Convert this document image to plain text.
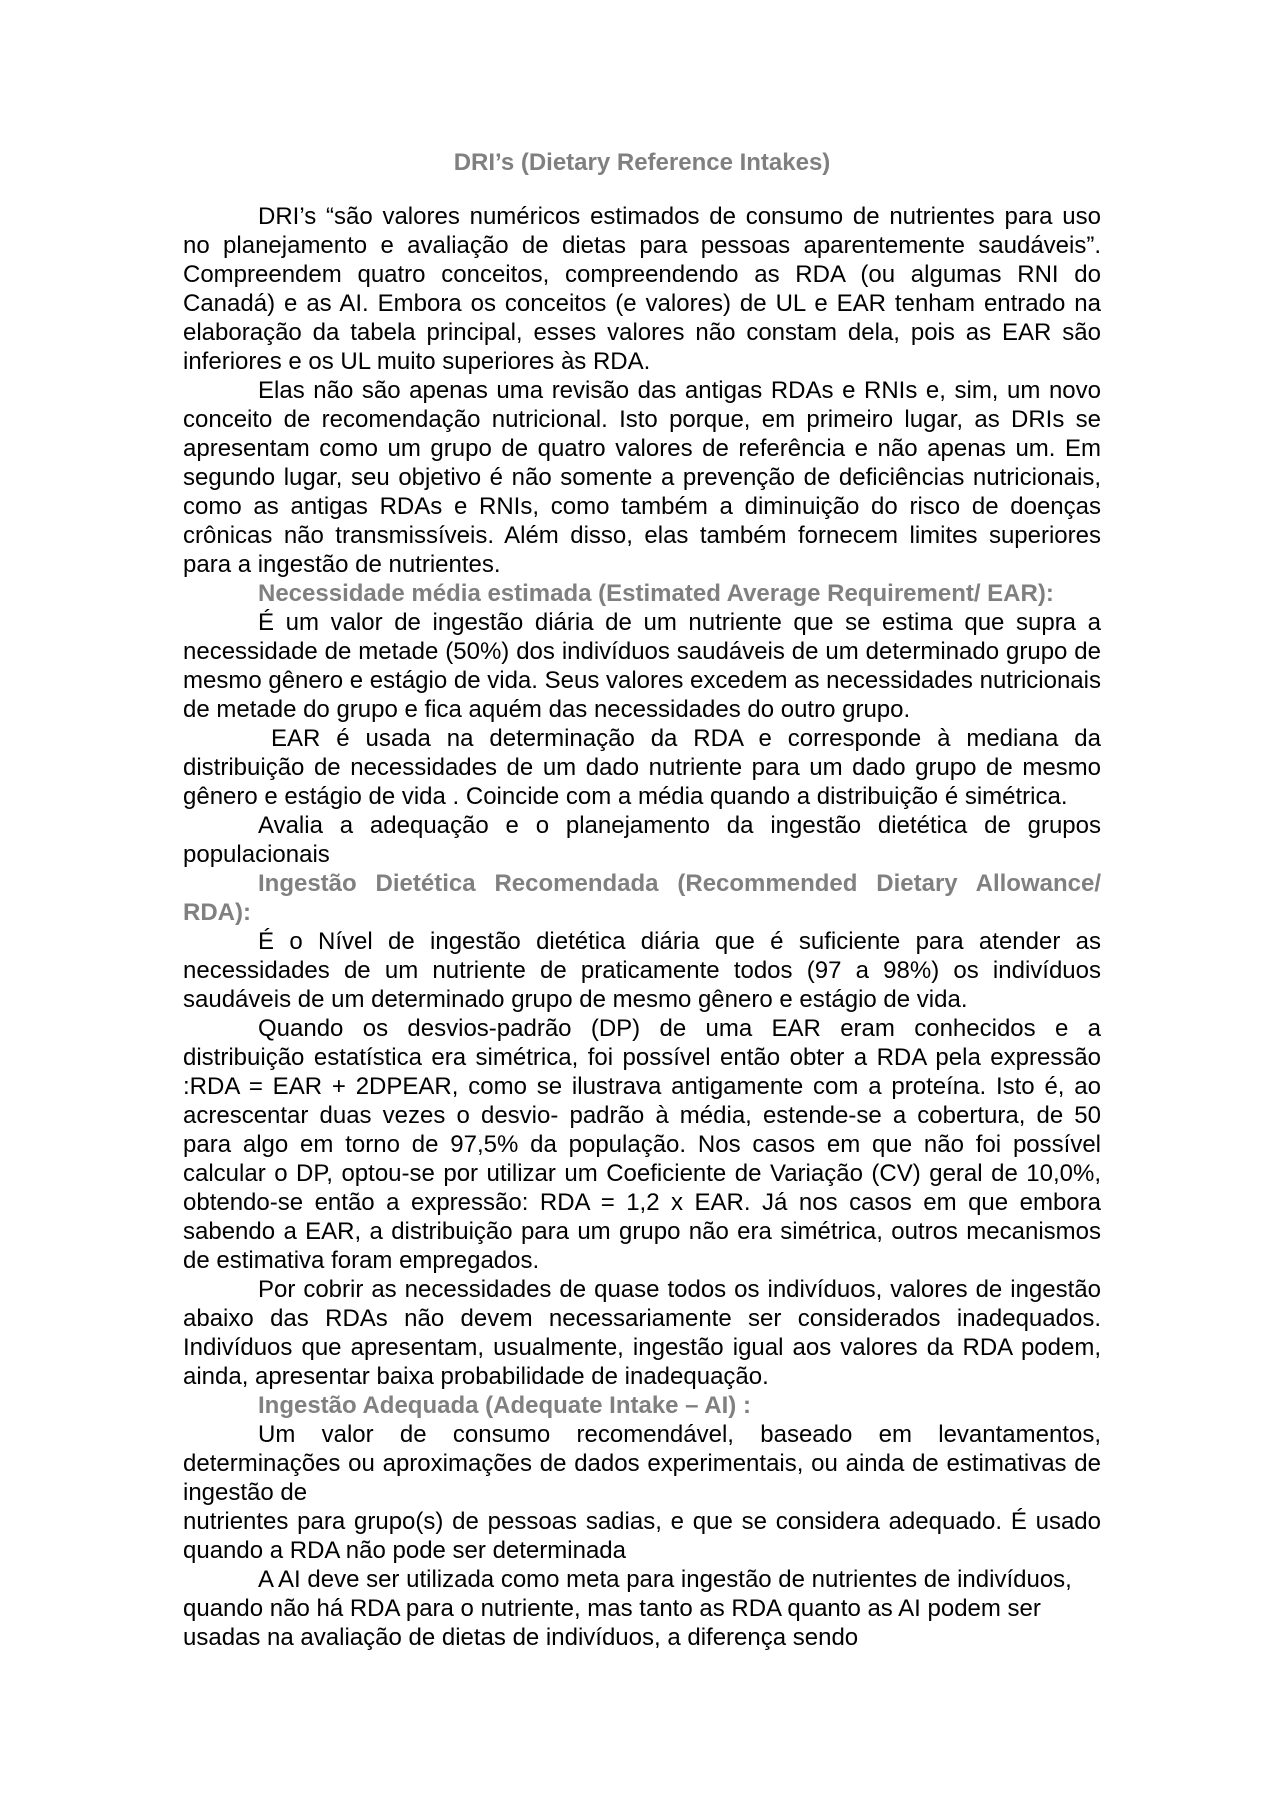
DRI’s (Dietary Reference Intakes)

DRI’s “são valores numéricos estimados de consumo de nutrientes para uso no planejamento e avaliação de dietas para pessoas aparentemente saudáveis”. Compreendem quatro conceitos, compreendendo as RDA (ou algumas RNI do Canadá) e as AI. Embora os conceitos (e valores) de UL e EAR tenham entrado na elaboração da tabela principal, esses valores não constam dela, pois as EAR são inferiores e os UL muito superiores às RDA.

Elas não são apenas uma revisão das antigas RDAs e RNIs e, sim, um novo conceito de recomendação nutricional. Isto porque, em primeiro lugar, as DRIs se apresentam como um grupo de quatro valores de referência e não apenas um. Em segundo lugar, seu objetivo é não somente a prevenção de deficiências nutricionais, como as antigas RDAs e RNIs, como também a diminuição do risco de doenças crônicas não transmissíveis. Além disso, elas também fornecem limites superiores para a ingestão de nutrientes.

Necessidade média estimada (Estimated Average Requirement/ EAR):

É um valor de ingestão diária de um nutriente que se estima que supra a necessidade de metade (50%) dos indivíduos saudáveis de um determinado grupo de mesmo gênero e estágio de vida. Seus valores excedem as necessidades nutricionais de metade do grupo e fica aquém das necessidades do outro grupo.

EAR é usada na determinação da RDA e corresponde à mediana da distribuição de necessidades de um dado nutriente para um dado grupo de mesmo gênero e estágio de vida . Coincide com a média quando a distribuição é simétrica.

Avalia a adequação e o planejamento da ingestão dietética de grupos populacionais

Ingestão Dietética Recomendada (Recommended Dietary Allowance/ RDA):

É o Nível de ingestão dietética diária que é suficiente para atender as necessidades de um nutriente de praticamente todos (97 a 98%) os indivíduos saudáveis de um determinado grupo de mesmo gênero e estágio de vida.

Quando os desvios-padrão (DP) de uma EAR eram conhecidos e a distribuição estatística era simétrica, foi possível então obter a RDA pela expressão :RDA = EAR + 2DPEAR, como se ilustrava antigamente com a proteína. Isto é, ao acrescentar duas vezes o desvio- padrão à média, estende-se a cobertura, de 50 para algo em torno de 97,5% da população. Nos casos em que não foi possível calcular o DP, optou-se por utilizar um Coeficiente de Variação (CV) geral de 10,0%, obtendo-se então a expressão: RDA = 1,2 x EAR. Já nos casos em que embora sabendo a EAR, a distribuição para um grupo não era simétrica, outros mecanismos de estimativa foram empregados.

Por cobrir as necessidades de quase todos os indivíduos, valores de ingestão abaixo das RDAs não devem necessariamente ser considerados inadequados. Indivíduos que apresentam, usualmente, ingestão igual aos valores da RDA podem, ainda, apresentar baixa probabilidade de inadequação.

Ingestão Adequada (Adequate Intake – AI) :

Um valor de consumo recomendável, baseado em levantamentos, determinações ou aproximações de dados experimentais, ou ainda de estimativas de ingestão de

nutrientes para grupo(s) de pessoas sadias, e que se considera adequado. É usado quando a RDA não pode ser determinada

A AI deve ser utilizada como meta para ingestão de nutrientes de indivíduos, quando não há RDA para o nutriente, mas tanto as RDA quanto as AI podem ser usadas na avaliação de dietas de indivíduos, a diferença sendo
